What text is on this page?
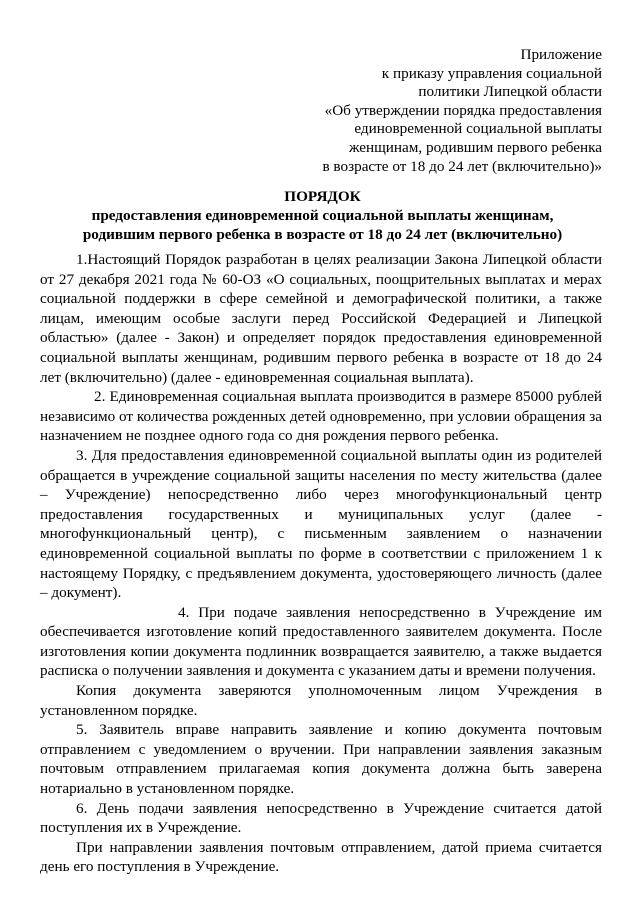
Приложение
к приказу управления социальной
политики Липецкой области
«Об утверждении порядка предоставления
единовременной социальной выплаты
женщинам, родившим первого ребенка
в возрасте от 18 до 24 лет (включительно)»
ПОРЯДОК
предоставления единовременной социальной выплаты женщинам,
родившим первого ребенка в возрасте от 18 до 24 лет (включительно)

1.Настоящий Порядок разработан в целях реализации Закона Липецкой области от 27 декабря 2021 года № 60-ОЗ «О социальных, поощрительных выплатах и мерах социальной поддержки в сфере семейной и демографической политики, а также лицам, имеющим особые заслуги перед Российской Федерацией и Липецкой областью» (далее - Закон) и определяет порядок предоставления единовременной социальной выплаты женщинам, родившим первого ребенка в возрасте от 18 до 24 лет (включительно) (далее - единовременная социальная выплата).

2. Единовременная социальная выплата производится в размере 85000 рублей независимо от количества рожденных детей одновременно, при условии обращения за назначением не позднее одного года со дня рождения первого ребенка.

3. Для предоставления единовременной социальной выплаты один из родителей обращается в учреждение социальной защиты населения по месту жительства (далее – Учреждение) непосредственно либо через многофункциональный центр предоставления государственных и муниципальных услуг (далее - многофункциональный центр), с письменным заявлением о назначении единовременной социальной выплаты по форме в соответствии с приложением 1 к настоящему Порядку, с предъявлением документа, удостоверяющего личность (далее – документ).

4. При подаче заявления непосредственно в Учреждение им обеспечивается изготовление копий предоставленного заявителем документа. После изготовления копии документа подлинник возвращается заявителю, а также выдается расписка о получении заявления и документа с указанием даты и времени получения.

Копия документа заверяются уполномоченным лицом Учреждения в установленном порядке.

5. Заявитель вправе направить заявление и копию документа почтовым отправлением с уведомлением о вручении. При направлении заявления заказным почтовым отправлением прилагаемая копия документа должна быть заверена нотариально в установленном порядке.

6. День подачи заявления непосредственно в Учреждение считается датой поступления их в Учреждение.

При направлении заявления почтовым отправлением, датой приема считается день его поступления в Учреждение.
